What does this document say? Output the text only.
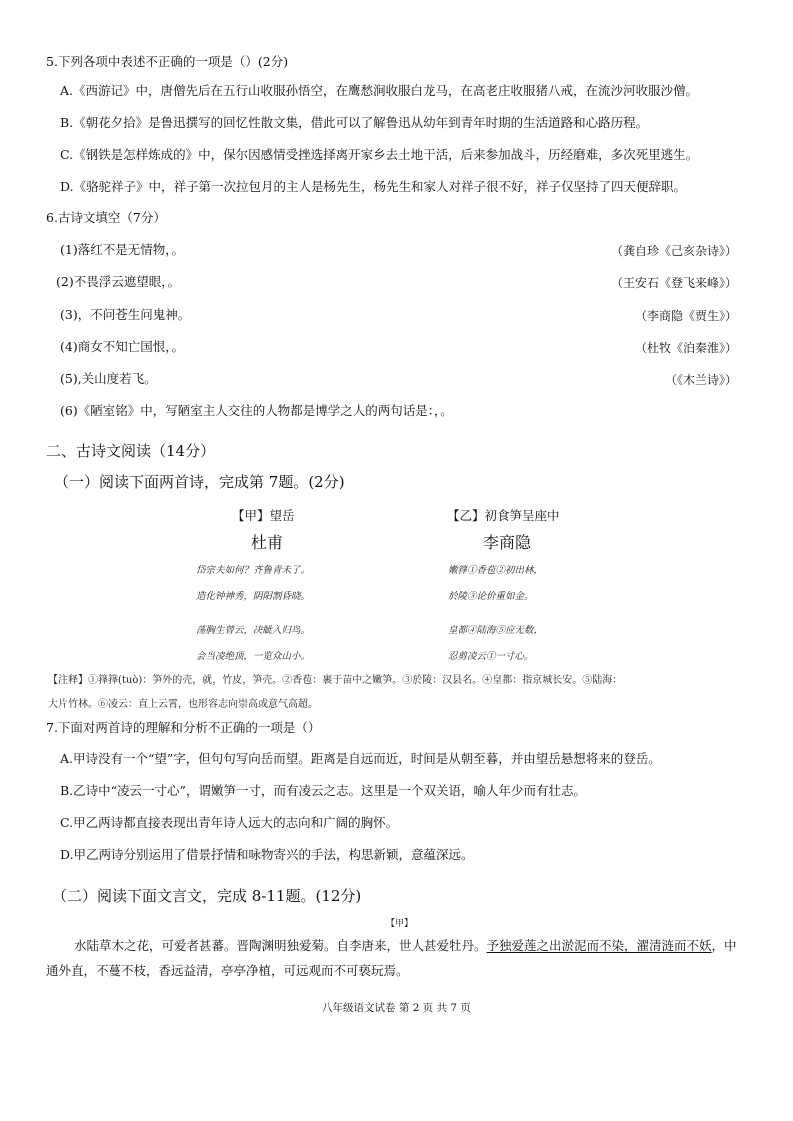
5.下列各项中表述不正确的一项是（）(2分)
A.《西游记》中，唐僧先后在五行山收服孙悟空，在鹰愁涧收服白龙马，在高老庄收服猪八戒，在流沙河收服沙僧。
B.《朝花夕拾》是鲁迅撰写的回忆性散文集，借此可以了解鲁迅从幼年到青年时期的生活道路和心路历程。
C.《钢铁是怎样炼成的》中，保尔因感情受挫选择离开家乡去土地干活，后来参加战斗，历经磨难，多次死里逃生。
D.《骆驼祥子》中，祥子第一次拉包月的主人是杨先生，杨先生和家人对祥子很不好，祥子仅坚持了四天便辞职。
6.古诗文填空（7分）
(1)落红不是无情物，。	（龚自珍《己亥杂诗》）
(2)不畏浮云遮望眼，。	（王安石《登飞来峰》）
(3)，不问苍生问鬼神。	（李商隐《贾生》）
(4)商女不知亡国恨，。	（杜牧《泊秦淮》）
(5),关山度若飞。	（《木兰诗》）
(6)《陋室铭》中，写陋室主人交往的人物都是博学之人的两句话是：，。
二、古诗文阅读（14分）
（一）阅读下面两首诗，完成第 7题。(2分)
【甲】望岳
杜甫
岱宗夫如何？齐鲁青未了。
造化钟神秀，阴阳割昏晓。
荡胸生曾云，决眦入归鸟。
会当凌绝顶，一览众山小。
【乙】初食笋呈座中
李商隐
嫩箨①香苞②初出林，
於陵③论价重如金。
皇都④陆海⑤应无数，
忍剪凌云①一寸心。
【注释】①箨箨(tuò)：笋外的壳，就，竹皮，笋壳。②香苞：裹于苗中之嫩笋。③於陵：汉县名。④皇都：指京城长安。⑤陆海：
大片竹林。⑥凌云：直上云霄，也形容志向崇高或意气高超。
7.下面对两首诗的理解和分析不正确的一项是（）
A.甲诗没有一个“望”字，但句句写向岳而望。距离是自远而近，时间是从朝至暮，并由望岳悬想将来的登岳。
B.乙诗中“凌云一寸心”，谓嫩笋一寸，而有凌云之志。这里是一个双关语，喻人年少而有壮志。
C.甲乙两诗都直接表现出青年诗人远大的志向和广阔的胸怀。
D.甲乙两诗分别运用了借景抒情和咏物寄兴的手法，构思新颖，意蕴深远。
（二）阅读下面文言文，完成 8-11题。(12分)
【甲】
水陆草木之花，可爱者甚蕃。晋陶渊明独爱菊。自李唐来，世人甚爱牡丹。予独爱莲之出淤泥而不染，濯清涟而不妖，中
通外直，不蔓不枝，香远益清，亭亭净植，可远观而不可亵玩焉。
八年级语文试卷 第 2 页 共 7 页
